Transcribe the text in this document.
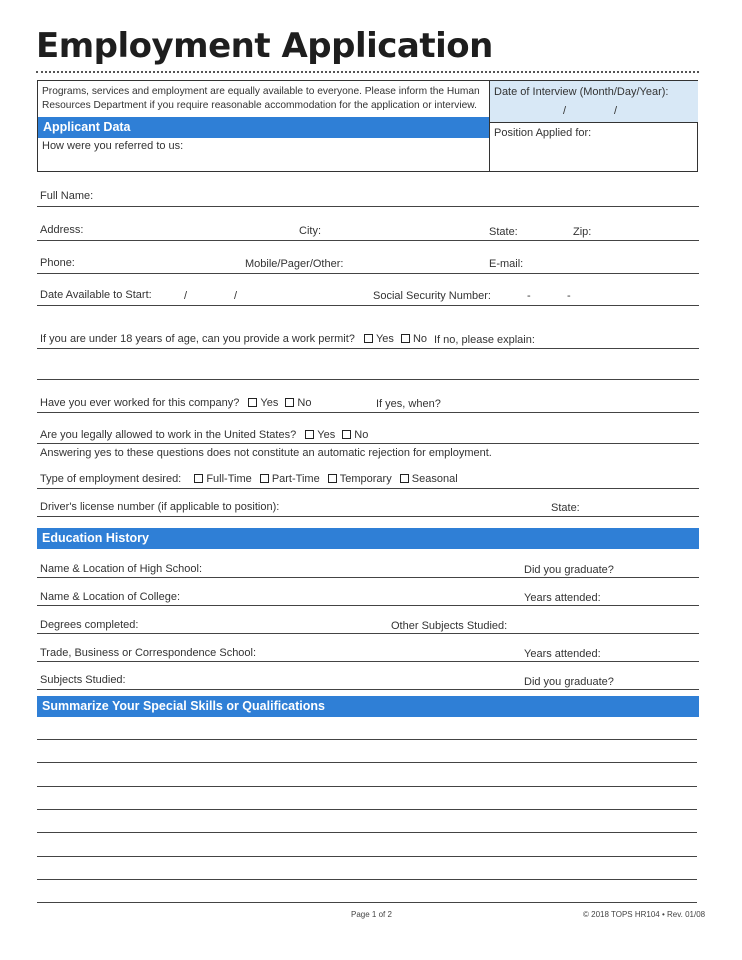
Employment Application
Programs, services and employment are equally available to everyone. Please inform the Human Resources Department if you require reasonable accommodation for the application or interview.
Date of Interview (Month/Day/Year):
/	/
Applicant Data
How were you referred to us:
Position Applied for:
Full Name:
Address:	City:	State:	Zip:
Phone:	Mobile/Pager/Other:	E-mail:
Date Available to Start:	/	/	Social Security Number:	-	-
If you are under 18 years of age, can you provide a work permit? Yes No If no, please explain:
Have you ever worked for this company? Yes No	If yes, when?
Are you legally allowed to work in the United States? Yes No
Answering yes to these questions does not constitute an automatic rejection for employment.
Type of employment desired: Full-Time Part-Time Temporary Seasonal
Driver's license number (if applicable to position):	State:
Education History
Name & Location of High School:	Did you graduate?
Name & Location of College:	Years attended:
Degrees completed:	Other Subjects Studied:
Trade, Business or Correspondence School:	Years attended:
Subjects Studied:	Did you graduate?
Summarize Your Special Skills or Qualifications
Page 1 of 2	© 2018 TOPS HR104 • Rev. 01/08
